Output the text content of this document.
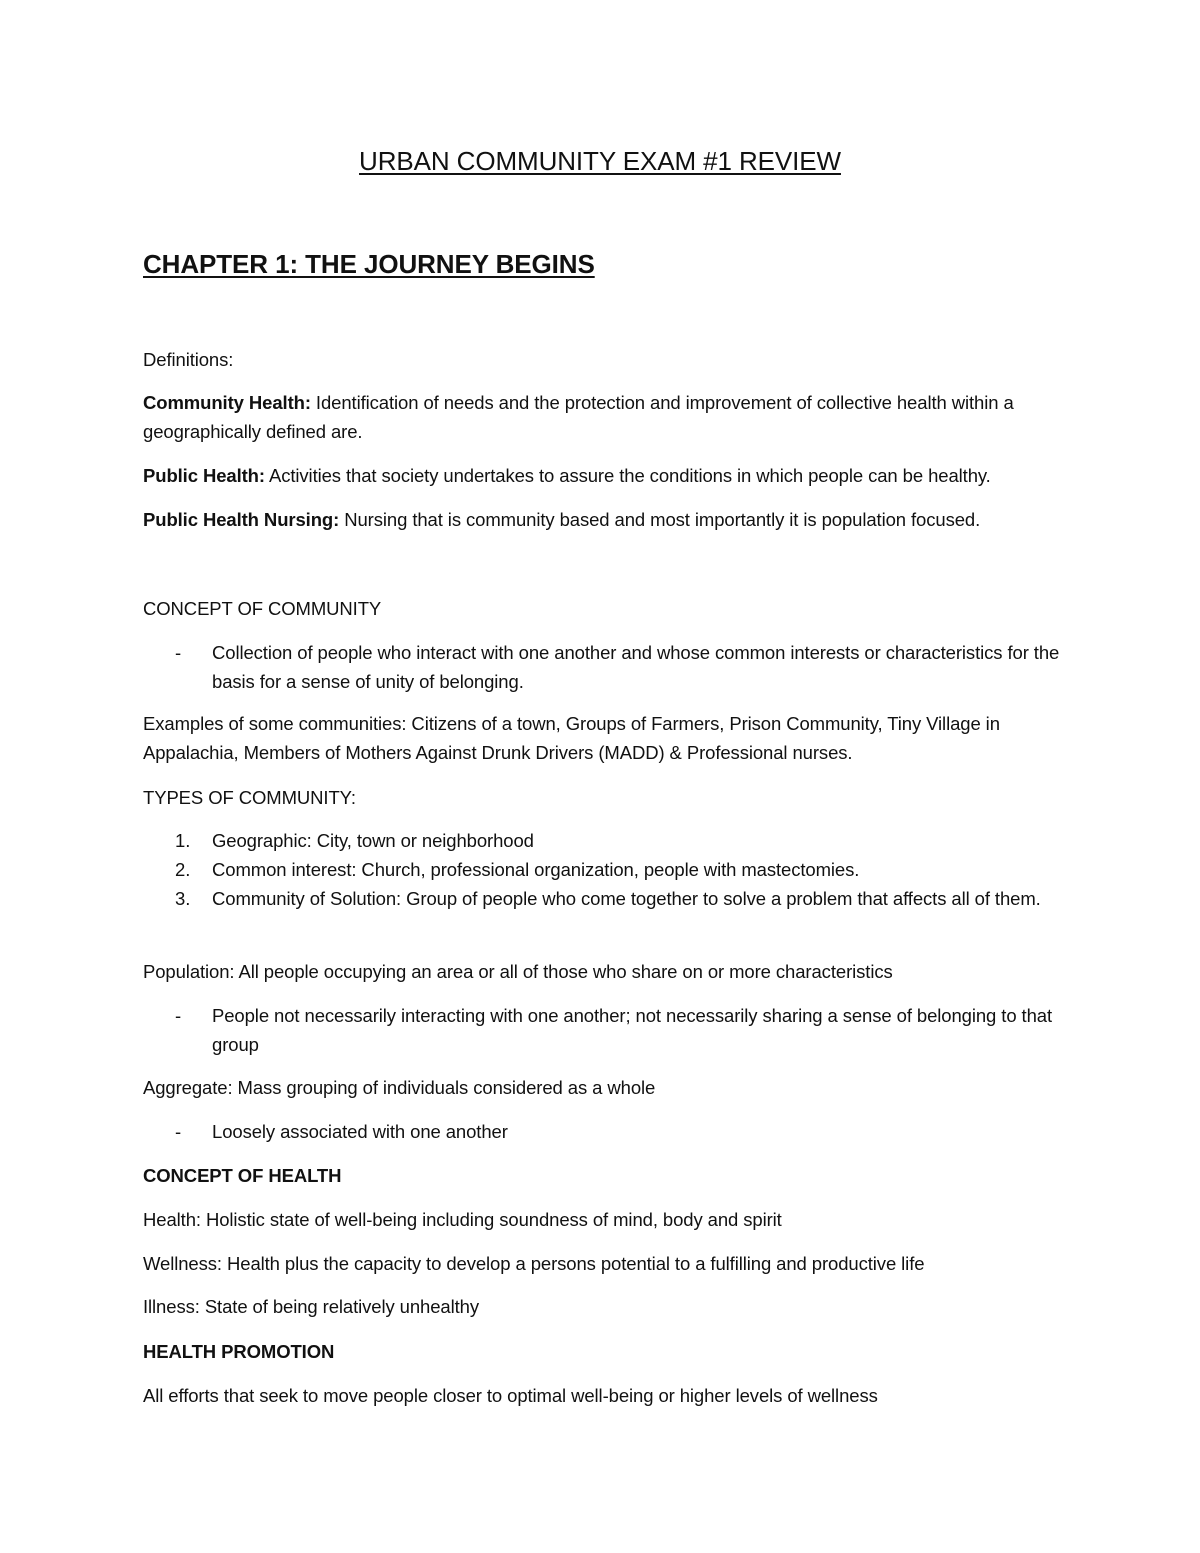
URBAN COMMUNITY EXAM #1 REVIEW
CHAPTER 1: THE JOURNEY BEGINS

Definitions:

Community Health: Identification of needs and the protection and improvement of collective health within a geographically defined are.

Public Health: Activities that society undertakes to assure the conditions in which people can be healthy.

Public Health Nursing: Nursing that is community based and most importantly it is population focused.

CONCEPT OF COMMUNITY

- Collection of people who interact with one another and whose common interests or characteristics for the basis for a sense of unity of belonging.

Examples of some communities: Citizens of a town, Groups of Farmers, Prison Community, Tiny Village in Appalachia, Members of Mothers Against Drunk Drivers (MADD) & Professional nurses.

TYPES OF COMMUNITY:

1. Geographic: City, town or neighborhood
2. Common interest: Church, professional organization, people with mastectomies.
3. Community of Solution: Group of people who come together to solve a problem that affects all of them.

Population: All people occupying an area or all of those who share on or more characteristics

- People not necessarily interacting with one another; not necessarily sharing a sense of belonging to that group

Aggregate: Mass grouping of individuals considered as a whole

- Loosely associated with one another

CONCEPT OF HEALTH

Health: Holistic state of well-being including soundness of mind, body and spirit

Wellness: Health plus the capacity to develop a persons potential to a fulfilling and productive life

Illness: State of being relatively unhealthy

HEALTH PROMOTION

All efforts that seek to move people closer to optimal well-being or higher levels of wellness
